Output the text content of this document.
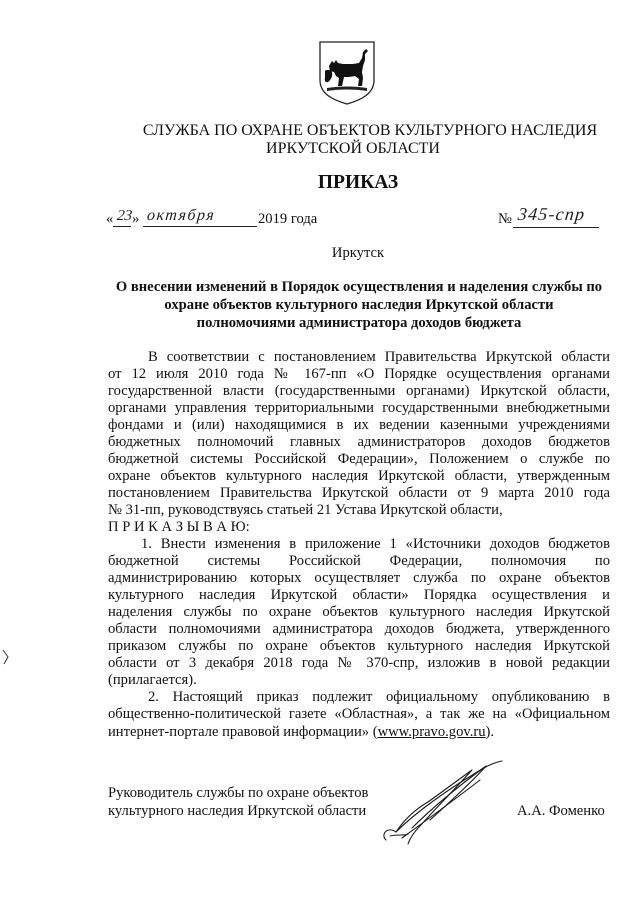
СЛУЖБА ПО ОХРАНЕ ОБЪЕКТОВ КУЛЬТУРНОГО НАСЛЕДИЯ
ИРКУТСКОЙ ОБЛАСТИ
ПРИКАЗ
« 23 » октября	2019 года	№ 345-спр
Иркутск
О внесении изменений в Порядок осуществления и наделения службы по
охране объектов культурного наследия Иркутской области
полномочиями администратора доходов бюджета
В соответствии с постановлением Правительства Иркутской области
от 12 июля 2010 года № 167-пп «О Порядке осуществления органами
государственной власти (государственными органами) Иркутской области,
органами управления территориальными государственными внебюджетными
фондами и (или) находящимися в их ведении казенными учреждениями
бюджетных полномочий главных администраторов доходов бюджетов
бюджетной системы Российской Федерации», Положением о службе по
охране объектов культурного наследия Иркутской области, утвержденным
постановлением Правительства Иркутской области от 9 марта 2010 года
№ 31-пп, руководствуясь статьей 21 Устава Иркутской области,
П Р И К А З Ы В А Ю:
1. Внести изменения в приложение 1 «Источники доходов бюджетов
бюджетной системы Российской Федерации, полномочия по
администрированию которых осуществляет служба по охране объектов
культурного наследия Иркутской области» Порядка осуществления и
наделения службы по охране объектов культурного наследия Иркутской
области полномочиями администратора доходов бюджета, утвержденного
приказом службы по охране объектов культурного наследия Иркутской
области от 3 декабря 2018 года № 370-спр, изложив в новой редакции
(прилагается).
2. Настоящий приказ подлежит официальному опубликованию в
общественно-политической газете «Областная», а так же на «Официальном
интернет-портале правовой информации» (www.pravo.gov.ru).
Руководитель службы по охране объектов
культурного наследия Иркутской области	А.А. Фоменко
